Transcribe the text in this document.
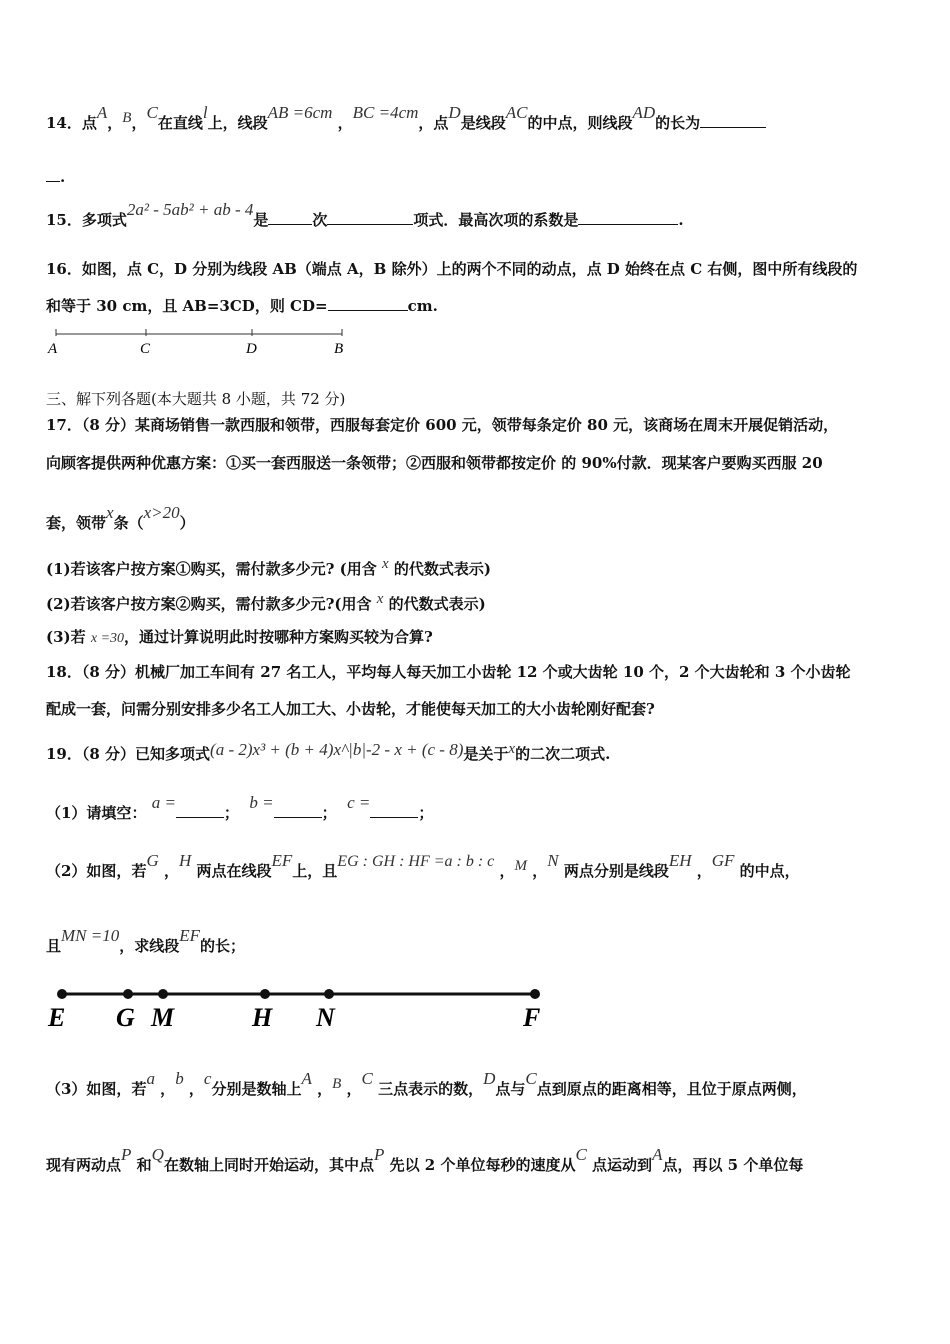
14．点A，B，C在直线l上，线段AB =6cm ，BC =4cm，点D是线段AC的中点，则线段AD的长为
.
15．多项式2a² - 5ab² + ab - 4是	次	项式．最高次项的系数是	.
16．如图，点 C，D 分别为线段 AB（端点 A，B 除外）上的两个不同的动点，点 D 始终在点 C 右侧，图中所有线段的
和等于 30 cm，且 AB=3CD，则 CD=	cm.
A	C	D	B
三、解下列各题(本大题共 8 小题，共 72 分)
17．（8 分）某商场销售一款西服和领带，西服每套定价 600 元，领带每条定价 80 元，该商场在周末开展促销活动，
向顾客提供两种优惠方案：①买一套西服送一条领带；②西服和领带都按定价 的 90%付款．现某客户要购买西服 20
套，领带x条（x>20）
(1)若该客户按方案①购买，需付款多少元? (用含 x 的代数式表示)
(2)若该客户按方案②购买，需付款多少元?(用含 x 的代数式表示)
(3)若 x =30，通过计算说明此时按哪种方案购买较为合算?
18．（8 分）机械厂加工车间有 27 名工人，平均每人每天加工小齿轮 12 个或大齿轮 10 个，2 个大齿轮和 3 个小齿轮
配成一套，问需分别安排多少名工人加工大、小齿轮，才能使每天加工的大小齿轮刚好配套?
19．（8 分）已知多项式(a - 2)x³ + (b + 4)x^|b|-2 - x + (c - 8)是关于x的二次二项式.
（1）请填空： a =；  b =；  c =；
（2）如图，若G ，H 两点在线段EF上，且EG : GH : HF =a : b : c ，M ，N 两点分别是线段EH ，GF 的中点，
且MN =10，求线段EF的长；
E G M	H N	F
（3）如图，若a ，b ，c分别是数轴上A ，B ，C 三点表示的数，D点与C点到原点的距离相等，且位于原点两侧，
现有两动点P 和Q在数轴上同时开始运动，其中点P 先以 2 个单位每秒的速度从C 点运动到A点，再以 5 个单位每
